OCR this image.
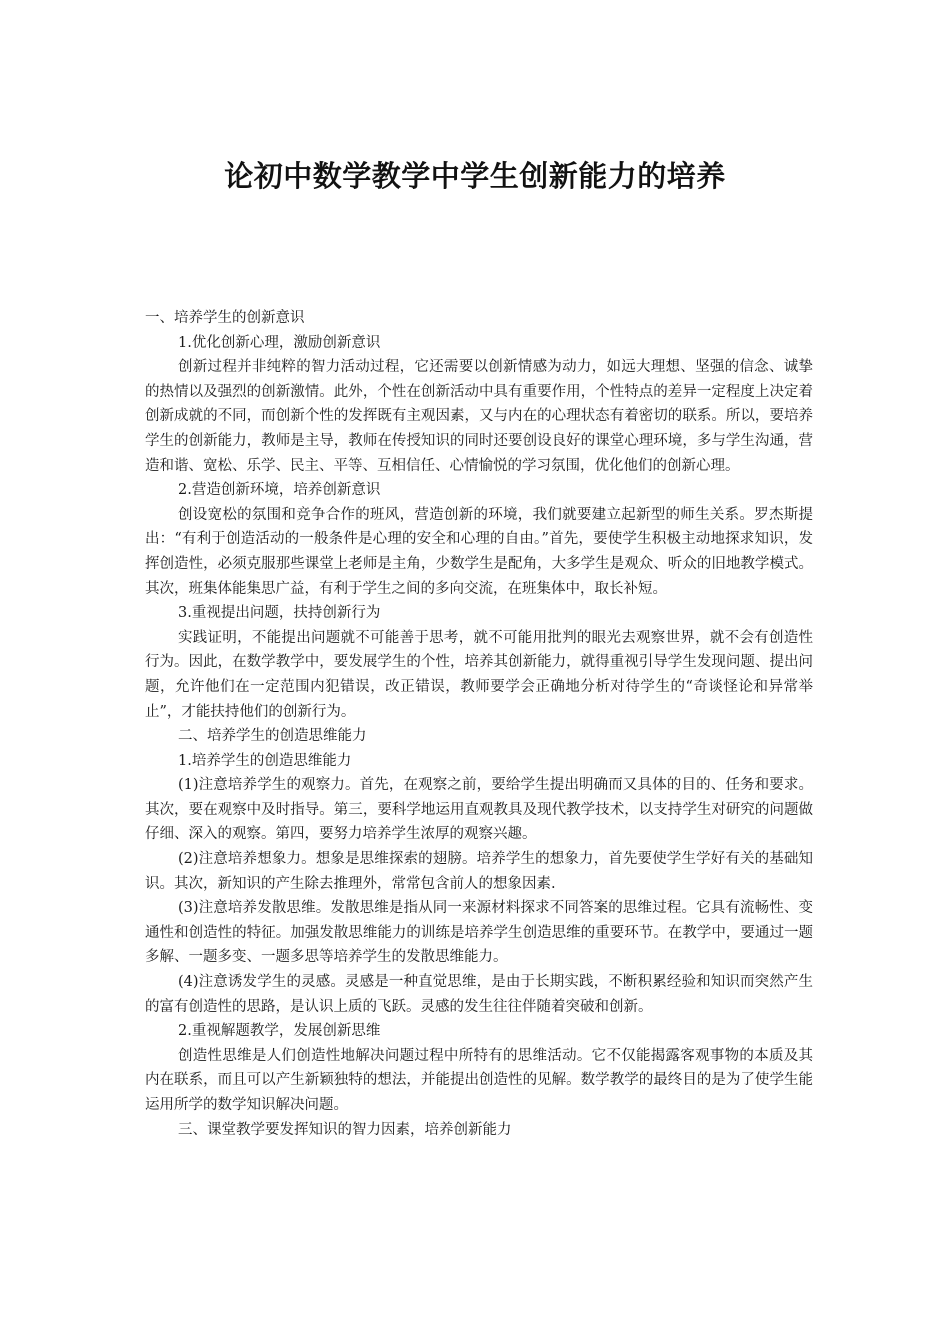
论初中数学教学中学生创新能力的培养

一、培养学生的创新意识

1.优化创新心理，激励创新意识

创新过程并非纯粹的智力活动过程，它还需要以创新情感为动力，如远大理想、坚强的信念、诚挚的热情以及强烈的创新激情。此外，个性在创新活动中具有重要作用，个性特点的差异一定程度上决定着创新成就的不同，而创新个性的发挥既有主观因素，又与内在的心理状态有着密切的联系。所以，要培养学生的创新能力，教师是主导，教师在传授知识的同时还要创设良好的课堂心理环境，多与学生沟通，营造和谐、宽松、乐学、民主、平等、互相信任、心情愉悦的学习氛围，优化他们的创新心理。

2.营造创新环境，培养创新意识

创设宽松的氛围和竞争合作的班风，营造创新的环境，我们就要建立起新型的师生关系。罗杰斯提出：“有利于创造活动的一般条件是心理的安全和心理的自由。”首先，要使学生积极主动地探求知识，发挥创造性，必须克服那些课堂上老师是主角，少数学生是配角，大多学生是观众、听众的旧地教学模式。其次，班集体能集思广益，有利于学生之间的多向交流，在班集体中，取长补短。

3.重视提出问题，扶持创新行为

实践证明，不能提出问题就不可能善于思考，就不可能用批判的眼光去观察世界，就不会有创造性行为。因此，在数学教学中，要发展学生的个性，培养其创新能力，就得重视引导学生发现问题、提出问题，允许他们在一定范围内犯错误，改正错误，教师要学会正确地分析对待学生的“奇谈怪论和异常举止”，才能扶持他们的创新行为。

二、培养学生的创造思维能力

1.培养学生的创造思维能力

(1)注意培养学生的观察力。首先，在观察之前，要给学生提出明确而又具体的目的、任务和要求。其次，要在观察中及时指导。第三，要科学地运用直观教具及现代教学技术，以支持学生对研究的问题做仔细、深入的观察。第四，要努力培养学生浓厚的观察兴趣。

(2)注意培养想象力。想象是思维探索的翅膀。培养学生的想象力，首先要使学生学好有关的基础知识。其次，新知识的产生除去推理外，常常包含前人的想象因素.

(3)注意培养发散思维。发散思维是指从同一来源材料探求不同答案的思维过程。它具有流畅性、变通性和创造性的特征。加强发散思维能力的训练是培养学生创造思维的重要环节。在教学中，要通过一题多解、一题多变、一题多思等培养学生的发散思维能力。

(4)注意诱发学生的灵感。灵感是一种直觉思维，是由于长期实践，不断积累经验和知识而突然产生的富有创造性的思路，是认识上质的飞跃。灵感的发生往往伴随着突破和创新。

2.重视解题教学，发展创新思维

创造性思维是人们创造性地解决问题过程中所特有的思维活动。它不仅能揭露客观事物的本质及其内在联系，而且可以产生新颖独特的想法，并能提出创造性的见解。数学教学的最终目的是为了使学生能运用所学的数学知识解决问题。

三、课堂教学要发挥知识的智力因素，培养创新能力
